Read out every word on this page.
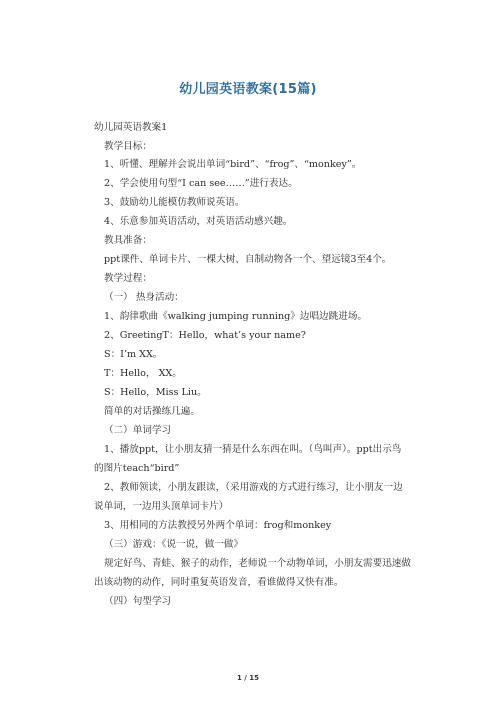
幼儿园英语教案(15篇)
幼儿园英语教案1
教学目标：
1、听懂、理解并会说出单词“bird”、“frog”、“monkey”。
2、学会使用句型“I can see……”进行表达。
3、鼓励幼儿能模仿教师说英语。
4、乐意参加英语活动，对英语活动感兴趣。
教具准备：
ppt课件、单词卡片、一棵大树、自制动物各一个、望远镜3至4个。
教学过程：
（一） 热身活动：
1、韵律歌曲《walking jumping running》边唱边跳进场。
2、GreetingT：Hello，what’s your name?
S：I’m XX。
T：Hello， XX。
S：Hello，Miss Liu。
简单的对话操练几遍。
（二）单词学习
1、播放ppt，让小朋友猜一猜是什么东西在叫。（鸟叫声）。ppt出示鸟
的图片teach“bird”
2、教师领读，小朋友跟读，（采用游戏的方式进行练习，让小朋友一边
说单词，一边用头顶单词卡片）
3、用相同的方法教授另外两个单词：frog和monkey
（三）游戏：《说一说，做一做》
规定好鸟、青蛙、猴子的动作，老师说一个动物单词，小朋友需要迅速做
出该动物的动作，同时重复英语发音，看谁做得又快有准。
（四）句型学习
1 / 15
